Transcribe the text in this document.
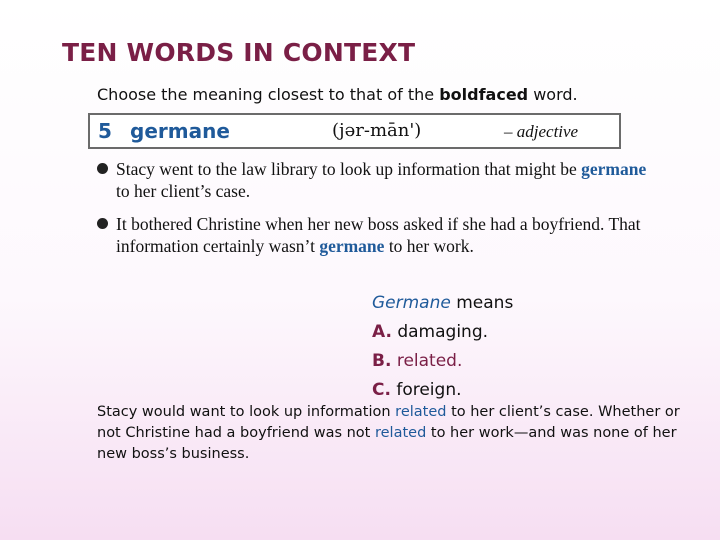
TEN WORDS IN CONTEXT
Choose the meaning closest to that of the boldfaced word.
5 germane	(jər-mān')	– adjective
Stacy went to the law library to look up information that might be germane to her client’s case.
It bothered Christine when her new boss asked if she had a boyfriend. That information certainly wasn’t germane to her work.
Germane means
A. damaging.
B. related.
C. foreign.
Stacy would want to look up information related to her client’s case. Whether or not Christine had a boyfriend was not related to her work—and was none of her new boss’s business.
